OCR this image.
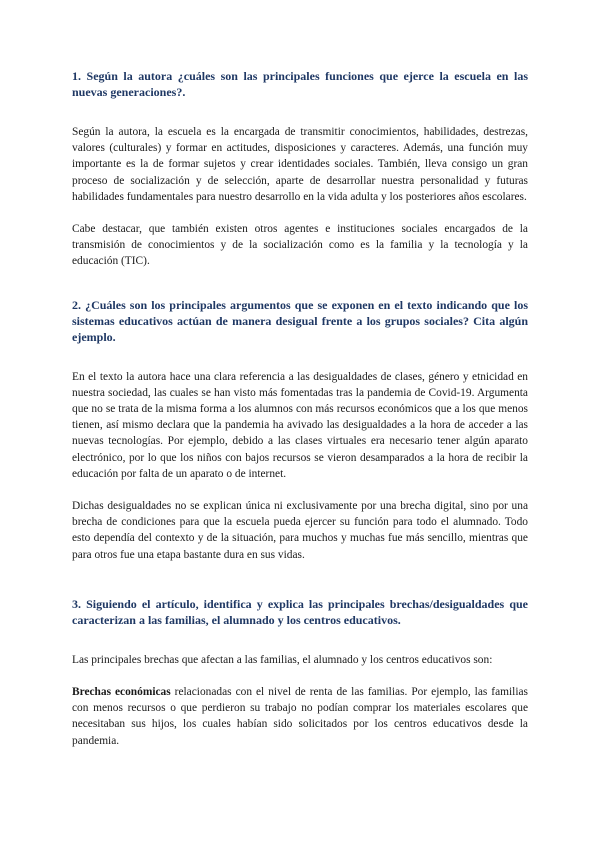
1. Según la autora ¿cuáles son las principales funciones que ejerce la escuela en las nuevas generaciones?.

Según la autora, la escuela es la encargada de transmitir conocimientos, habilidades, destrezas, valores (culturales) y formar en actitudes, disposiciones y caracteres. Además, una función muy importante es la de formar sujetos y crear identidades sociales. También, lleva consigo un gran proceso de socialización y de selección, aparte de desarrollar nuestra personalidad y futuras habilidades fundamentales para nuestro desarrollo en la vida adulta y los posteriores años escolares.

Cabe destacar, que también existen otros agentes e instituciones sociales encargados de la transmisión de conocimientos y de la socialización como es la familia y la tecnología y la educación (TIC).

2. ¿Cuáles son los principales argumentos que se exponen en el texto indicando que los sistemas educativos actúan de manera desigual frente a los grupos sociales? Cita algún ejemplo.

En el texto la autora hace una clara referencia a las desigualdades de clases, género y etnicidad en nuestra sociedad, las cuales se han visto más fomentadas tras la pandemia de Covid-19. Argumenta que no se trata de la misma forma a los alumnos con más recursos económicos que a los que menos tienen, así mismo declara que la pandemia ha avivado las desigualdades a la hora de acceder a las nuevas tecnologías. Por ejemplo, debido a las clases virtuales era necesario tener algún aparato electrónico, por lo que los niños con bajos recursos se vieron desamparados a la hora de recibir la educación por falta de un aparato o de internet.

Dichas desigualdades no se explican única ni exclusivamente por una brecha digital, sino por una brecha de condiciones para que la escuela pueda ejercer su función para todo el alumnado. Todo esto dependía del contexto y de la situación, para muchos y muchas fue más sencillo, mientras que para otros fue una etapa bastante dura en sus vidas.

3. Siguiendo el artículo, identifica y explica las principales brechas/desigualdades que caracterizan a las familias, el alumnado y los centros educativos.

Las principales brechas que afectan a las familias, el alumnado y los centros educativos son:

Brechas económicas relacionadas con el nivel de renta de las familias. Por ejemplo, las familias con menos recursos o que perdieron su trabajo no podían comprar los materiales escolares que necesitaban sus hijos, los cuales habían sido solicitados por los centros educativos desde la pandemia.
